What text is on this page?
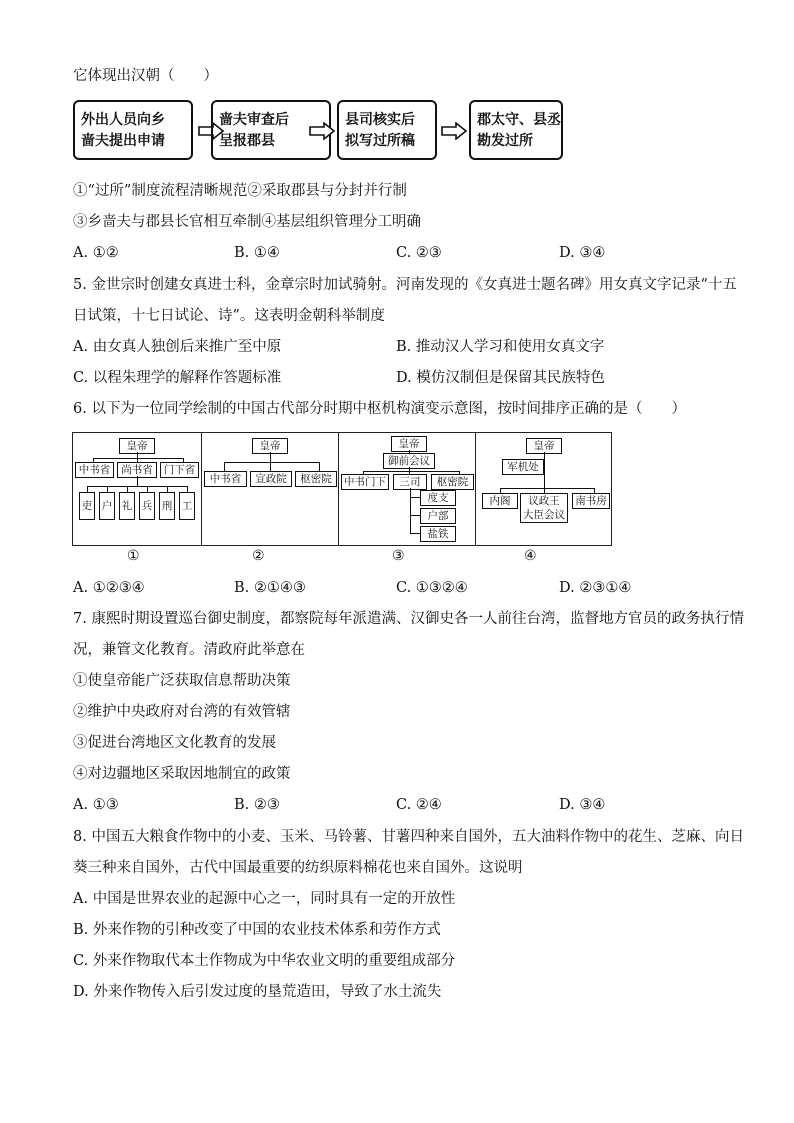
它体现出汉朝（　　）
外出人员向乡
啬夫提出申请
啬夫审查后
呈报郡县
县司核实后
拟写过所稿
郡太守、县丞
勘发过所
①“过所”制度流程清晰规范②采取郡县与分封并行制
③乡啬夫与郡县长官相互牵制④基层组织管理分工明确
A. ①②	B. ①④	C. ②③	D. ③④
5. 金世宗时创建女真进士科，金章宗时加试骑射。河南发现的《女真进士题名碑》用女真文字记录“十五
日试策，十七日试论、诗”。这表明金朝科举制度
A. 由女真人独创后来推广至中原	B. 推动汉人学习和使用女真文字
C. 以程朱理学的解释作答题标准	D. 模仿汉制但是保留其民族特色
6. 以下为一位同学绘制的中国古代部分时期中枢机构演变示意图，按时间排序正确的是（　　）
皇帝
中书省	尚书省	门下省
吏 户 礼 兵 刑 工
皇帝
中书省	宣政院	枢密院
皇帝
御前会议
中书门下	三司	枢密院
度支
户部
盐铁
皇帝
军机处
内阁	议政王
大臣会议
南书房
①	②	③	④
A. ①②③④	B. ②①④③	C. ①③②④	D. ②③①④
7. 康熙时期设置巡台御史制度，都察院每年派遣满、汉御史各一人前往台湾，监督地方官员的政务执行情
况，兼管文化教育。清政府此举意在
①使皇帝能广泛获取信息帮助决策
②维护中央政府对台湾的有效管辖
③促进台湾地区文化教育的发展
④对边疆地区采取因地制宜的政策
A. ①③	B. ②③	C. ②④	D. ③④
8. 中国五大粮食作物中的小麦、玉米、马铃薯、甘薯四种来自国外，五大油料作物中的花生、芝麻、向日
葵三种来自国外，古代中国最重要的纺织原料棉花也来自国外。这说明
A. 中国是世界农业的起源中心之一，同时具有一定的开放性
B. 外来作物的引种改变了中国的农业技术体系和劳作方式
C. 外来作物取代本土作物成为中华农业文明的重要组成部分
D. 外来作物传入后引发过度的垦荒造田，导致了水土流失
